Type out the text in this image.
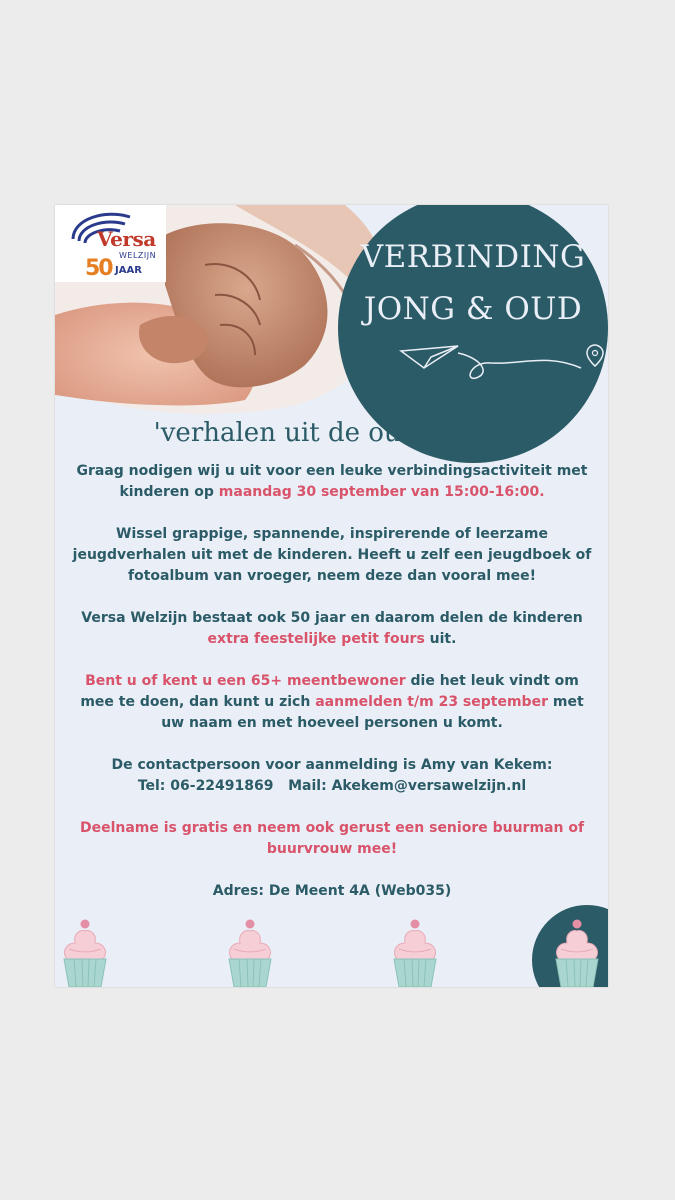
Versa
WELZIJN
50 JAAR	VERBINDING
JONG & OUD
'verhalen uit de oude doos'

Graag nodigen wij u uit voor een leuke verbindingsactiviteit met kinderen op maandag 30 september van 15:00-16:00.

Wissel grappige, spannende, inspirerende of leerzame jeugdverhalen uit met de kinderen. Heeft u zelf een jeugdboek of fotoalbum van vroeger, neem deze dan vooral mee!

Versa Welzijn bestaat ook 50 jaar en daarom delen de kinderen extra feestelijke petit fours uit.

Bent u of kent u een 65+ meentbewoner die het leuk vindt om mee te doen, dan kunt u zich aanmelden t/m 23 september met uw naam en met hoeveel personen u komt.

De contactpersoon voor aanmelding is Amy van Kekem:
Tel: 06-22491869 Mail: Akekem@versawelzijn.nl

Deelname is gratis en neem ook gerust een seniore buurman of buurvrouw mee!

Adres: De Meent 4A (Web035)
